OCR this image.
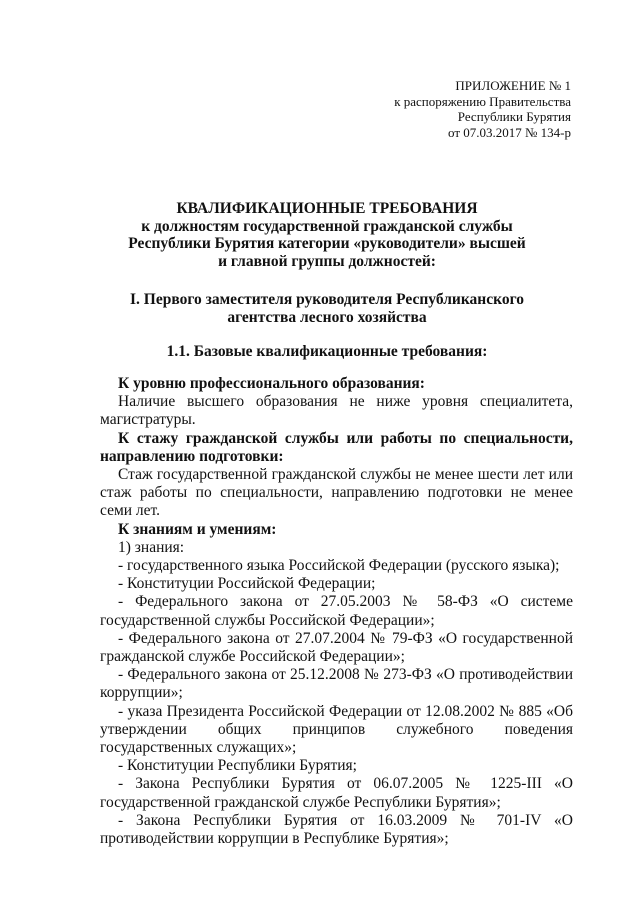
ПРИЛОЖЕНИЕ № 1
к распоряжению Правительства
Республики Бурятия
от 07.03.2017 № 134-р
КВАЛИФИКАЦИОННЫЕ ТРЕБОВАНИЯ
к должностям государственной гражданской службы
Республики Бурятия категории «руководители» высшей
и главной группы должностей:
I. Первого заместителя руководителя Республиканского
агентства лесного хозяйства
1.1. Базовые квалификационные требования:

К уровню профессионального образования:

Наличие высшего образования не ниже уровня специалитета, магистратуры.

К стажу гражданской службы или работы по специальности, направлению подготовки:

Стаж государственной гражданской службы не менее шести лет или стаж работы по специальности, направлению подготовки не менее семи лет.

К знаниям и умениям:

1) знания:

- государственного языка Российской Федерации (русского языка);

- Конституции Российской Федерации;

- Федерального закона от 27.05.2003 № 58-ФЗ «О системе государственной службы Российской Федерации»;

- Федерального закона от 27.07.2004 № 79-ФЗ «О государственной гражданской службе Российской Федерации»;

- Федерального закона от 25.12.2008 № 273-ФЗ «О противодействии коррупции»;

- указа Президента Российской Федерации от 12.08.2002 № 885 «Об утверждении общих принципов служебного поведения государственных служащих»;

- Конституции Республики Бурятия;

- Закона Республики Бурятия от 06.07.2005 № 1225-III «О государственной гражданской службе Республики Бурятия»;

- Закона Республики Бурятия от 16.03.2009 № 701-IV «О противодействии коррупции в Республике Бурятия»;
